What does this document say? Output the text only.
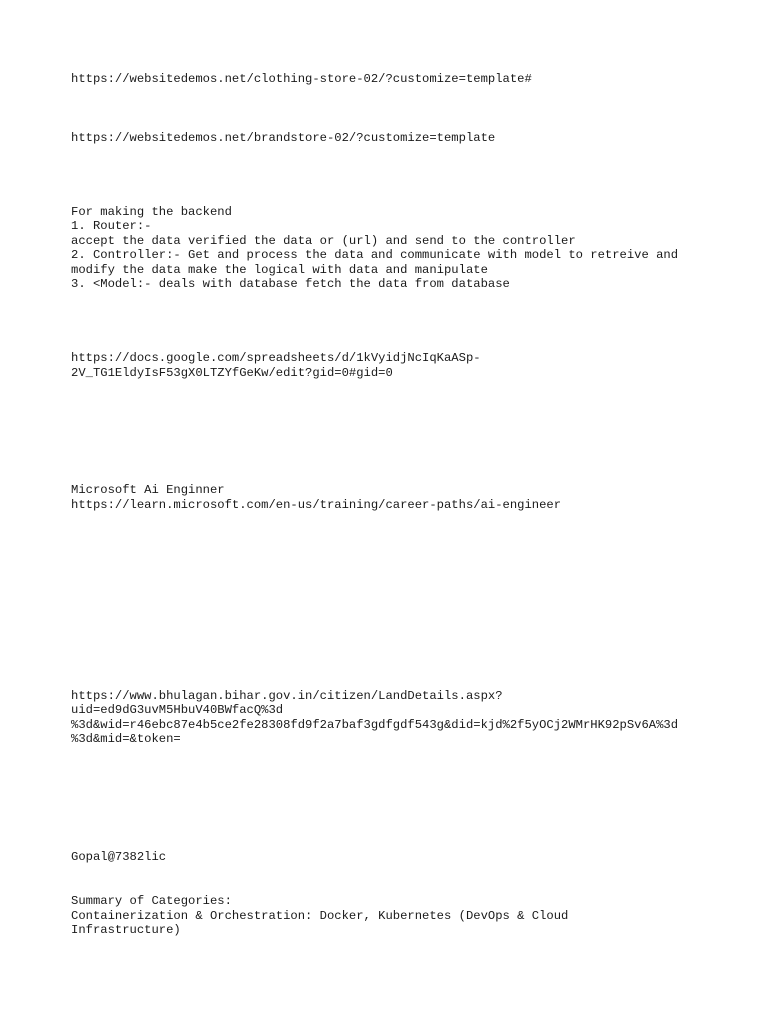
https://websitedemos.net/clothing-store-02/?customize=template#

https://websitedemos.net/brandstore-02/?customize=template

For making the backend

1. Router:-

accept the data verified the data or (url) and send to the controller

2. Controller:- Get and process the data and communicate with model to retreive and

modify the data make the logical with data and manipulate

3. <Model:- deals with database fetch the data from database

https://docs.google.com/spreadsheets/d/1kVyidjNcIqKaASp-

2V_TG1EldyIsF53gX0LTZYfGeKw/edit?gid=0#gid=0

Microsoft Ai Enginner

https://learn.microsoft.com/en-us/training/career-paths/ai-engineer

https://www.bhulagan.bihar.gov.in/citizen/LandDetails.aspx?

uid=ed9dG3uvM5HbuV40BWfacQ%3d

%3d&wid=r46ebc87e4b5ce2fe28308fd9f2a7baf3gdfgdf543g&did=kjd%2f5yOCj2WMrHK92pSv6A%3d

%3d&mid=&token=

Gopal@7382lic

Summary of Categories:

Containerization & Orchestration: Docker, Kubernetes (DevOps & Cloud

Infrastructure)
